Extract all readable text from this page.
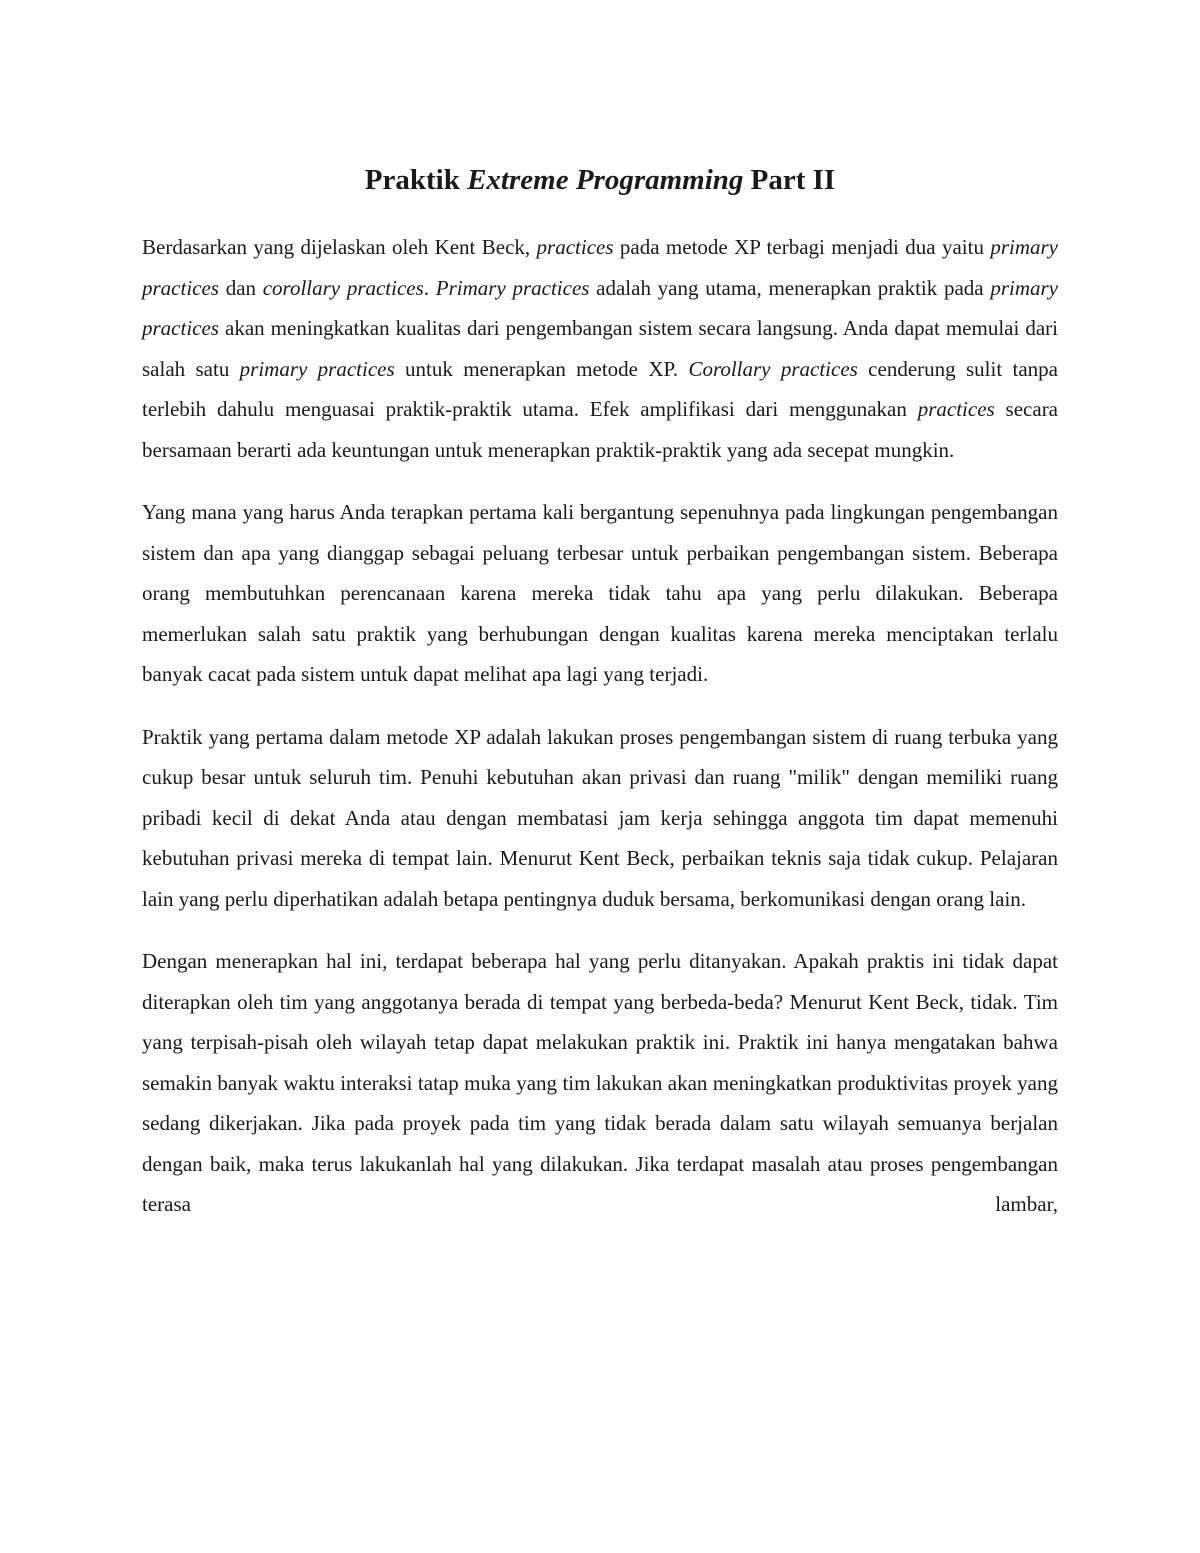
Praktik Extreme Programming Part II

Berdasarkan yang dijelaskan oleh Kent Beck, practices pada metode XP terbagi menjadi dua yaitu primary practices dan corollary practices. Primary practices adalah yang utama, menerapkan praktik pada primary practices akan meningkatkan kualitas dari pengembangan sistem secara langsung. Anda dapat memulai dari salah satu primary practices untuk menerapkan metode XP. Corollary practices cenderung sulit tanpa terlebih dahulu menguasai praktik-praktik utama. Efek amplifikasi dari menggunakan practices secara bersamaan berarti ada keuntungan untuk menerapkan praktik-praktik yang ada secepat mungkin.

Yang mana yang harus Anda terapkan pertama kali bergantung sepenuhnya pada lingkungan pengembangan sistem dan apa yang dianggap sebagai peluang terbesar untuk perbaikan pengembangan sistem. Beberapa orang membutuhkan perencanaan karena mereka tidak tahu apa yang perlu dilakukan. Beberapa memerlukan salah satu praktik yang berhubungan dengan kualitas karena mereka menciptakan terlalu banyak cacat pada sistem untuk dapat melihat apa lagi yang terjadi.

Praktik yang pertama dalam metode XP adalah lakukan proses pengembangan sistem di ruang terbuka yang cukup besar untuk seluruh tim. Penuhi kebutuhan akan privasi dan ruang "milik" dengan memiliki ruang pribadi kecil di dekat Anda atau dengan membatasi jam kerja sehingga anggota tim dapat memenuhi kebutuhan privasi mereka di tempat lain. Menurut Kent Beck, perbaikan teknis saja tidak cukup. Pelajaran lain yang perlu diperhatikan adalah betapa pentingnya duduk bersama, berkomunikasi dengan orang lain.

Dengan menerapkan hal ini, terdapat beberapa hal yang perlu ditanyakan. Apakah praktis ini tidak dapat diterapkan oleh tim yang anggotanya berada di tempat yang berbeda-beda? Menurut Kent Beck, tidak. Tim yang terpisah-pisah oleh wilayah tetap dapat melakukan praktik ini. Praktik ini hanya mengatakan bahwa semakin banyak waktu interaksi tatap muka yang tim lakukan akan meningkatkan produktivitas proyek yang sedang dikerjakan. Jika pada proyek pada tim yang tidak berada dalam satu wilayah semuanya berjalan dengan baik, maka terus lakukanlah hal yang dilakukan. Jika terdapat masalah atau proses pengembangan terasa lambar,
